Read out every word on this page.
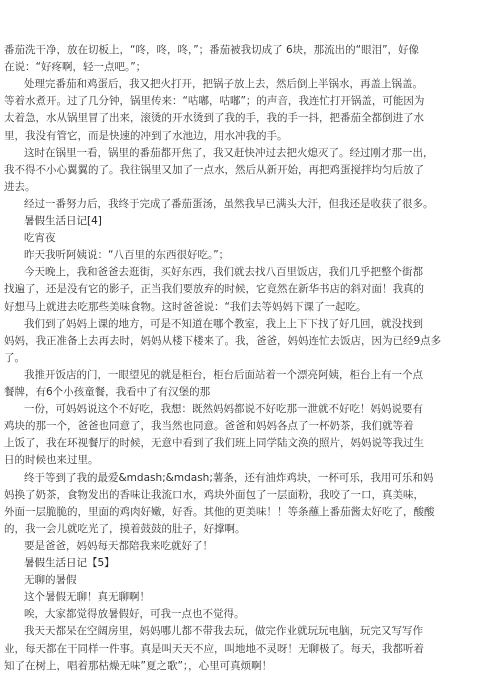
番茄洗干净，放在切板上，“咚，咚，咚，”；番茄被我切成了 6块，那流出的“眼泪”，好像
在说：“好疼啊，轻一点吧。”；
处理完番茄和鸡蛋后，我又把火打开，把锅子放上去，然后倒上半锅水，再盖上锅盖。
等着水煮开。过了几分钟，锅里传来：“咕嘟，咕嘟”；的声音，我连忙打开锅盖，可能因为
太着急，水从锅里冒了出来，滚烫的开水烫到了我的手，我的手一抖，把番茄全都倒进了水
里，我没有管它，而是快速的冲到了水池边，用水冲我的手。
这时在锅里一看，锅里的番茄都开焦了，我又赶快冲过去把火熄灭了。经过刚才那一出，
我不得不小心翼翼的了。我往锅里又加了一点水，然后从新开始，再把鸡蛋搅拌均匀后放了
进去。
经过一番努力后，我终于完成了番茄蛋汤，虽然我早已满头大汗，但我还是收获了很多。
暑假生活日记[4]
吃宵夜
昨天我听阿姨说：“八百里的东西很好吃。”；
今天晚上，我和爸爸去逛街，买好东西，我们就去找八百里饭店，我们几乎把整个街都
找遍了，还是没有它的影子，正当我们要放弃的时候，它竟然在新华书店的斜对面！我真的
好想马上就进去吃那些美味食物。这时爸爸说：“我们去等妈妈下课了一起吃。
我们到了妈妈上课的地方，可是不知道在哪个教室，我上上下下找了好几回，就没找到
妈妈，我正准备上去再去时，妈妈从楼下楼来了。我，爸爸，妈妈连忙去饭店，因为已经9点多
了。
我推开饭店的门，一眼望见的就是柜台，柜台后面站着一个漂亮阿姨，柜台上有一个点
餐牌，有6个小孩童餐，我看中了有汉堡的那
一份，可妈妈说这个不好吃，我想：既然妈妈都说不好吃那一泄就不好吃！妈妈说要有
鸡块的那一个，爸爸也同意了，我当然也同意。爸爸和妈妈各点了一杯奶茶，我们就等着
上饭了，我在环视餐厅的时候，无意中看到了我们班上同学陆文涣的照片，妈妈说等我过生
日的时候也来过里。
终于等到了我的最爱&mdash;&mdash;薯条，还有油炸鸡块，一杯可乐，我用可乐和妈
妈换了奶茶，食物发出的香味让我流口水，鸡块外面包了一层面粉，我咬了一口，真美味，
外面一层脆脆的，里面的鸡肉好嫩，好香。其他的更美味！！等条蘸上番茄酱太好吃了，酸酸
的，我一会儿就吃光了，摸着鼓鼓的肚子，好撑啊。
要是爸爸，妈妈每天都陪我来吃就好了！
暑假生活日记【5】
无聊的暑假
这个暑假无聊！真无聊啊！
唉，大家都觉得放暑假好，可我一点也不觉得。
我天天都呆在空阔房里，妈妈哪儿都不带我去玩，做完作业就玩玩电脑，玩完又写写作
业，每天都在干同样一件事。真是叫天天不应，叫地地不灵呀！无聊极了。每天，我都听着
知了在树上，唱着那枯燥无味”夏之歌”；，心里可真烦啊！
